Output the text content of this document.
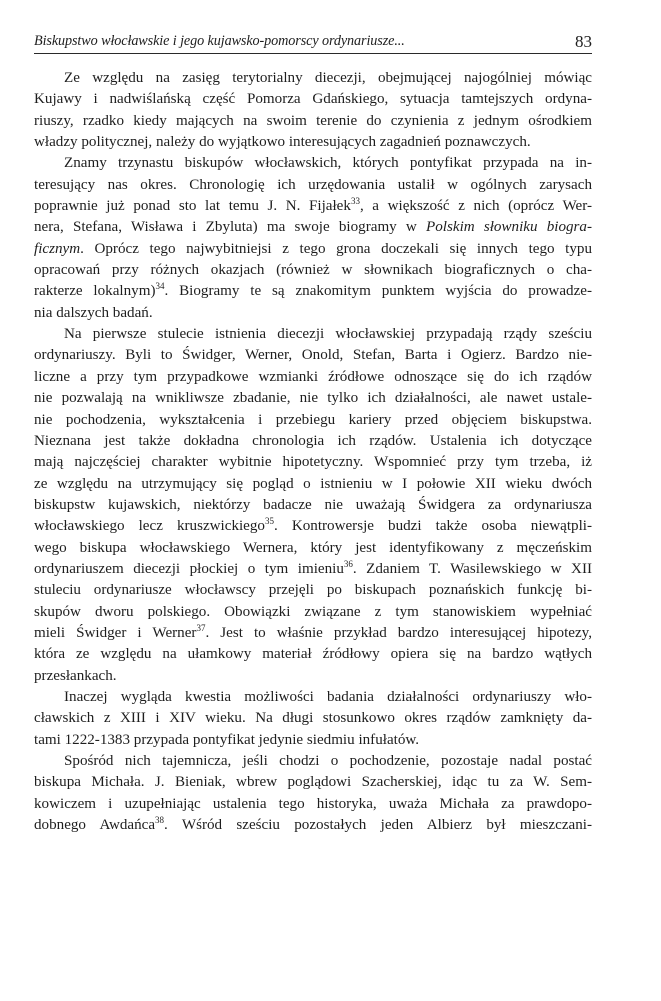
Biskupstwo włocławskie i jego kujawsko-pomorscy ordynariusze...	83

Ze względu na zasięg terytorialny diecezji, obejmującej najogólniej mówiąc
Kujawy i nadwiślańską część Pomorza Gdańskiego, sytuacja tamtejszych ordyna-
riuszy, rzadko kiedy mających na swoim terenie do czynienia z jednym ośrodkiem
władzy politycznej, należy do wyjątkowo interesujących zagadnień poznawczych.

Znamy trzynastu biskupów włocławskich, których pontyfikat przypada na in-
teresujący nas okres. Chronologię ich urzędowania ustalił w ogólnych zarysach
poprawnie już ponad sto lat temu J. N. Fijałek$^{33}$, a większość z nich (oprócz Wer-
nera, Stefana, Wisława i Zbyluta) ma swoje biogramy w Polskim słowniku biogra-
ficznym. Oprócz tego najwybitniejsi z tego grona doczekali się innych tego typu
opracowań przy różnych okazjach (również w słownikach biograficznych o cha-
rakterze lokalnym)$^{34}$. Biogramy te są znakomitym punktem wyjścia do prowadze-
nia dalszych badań.

Na pierwsze stulecie istnienia diecezji włocławskiej przypadają rządy sześciu
ordynariuszy. Byli to Świdger, Werner, Onold, Stefan, Barta i Ogierz. Bardzo nie-
liczne a przy tym przypadkowe wzmianki źródłowe odnoszące się do ich rządów
nie pozwalają na wnikliwsze zbadanie, nie tylko ich działalności, ale nawet ustale-
nie pochodzenia, wykształcenia i przebiegu kariery przed objęciem biskupstwa.
Nieznana jest także dokładna chronologia ich rządów. Ustalenia ich dotyczące
mają najczęściej charakter wybitnie hipotetyczny. Wspomnieć przy tym trzeba, iż
ze względu na utrzymujący się pogląd o istnieniu w I połowie XII wieku dwóch
biskupstw kujawskich, niektórzy badacze nie uważają Świdgera za ordynariusza
włocławskiego lecz kruszwickiego$^{35}$. Kontrowersje budzi także osoba niewątpli-
wego biskupa włocławskiego Wernera, który jest identyfikowany z męczeńskim
ordynariuszem diecezji płockiej o tym imieniu$^{36}$. Zdaniem T. Wasilewskiego w XII
stuleciu ordynariusze włocławscy przejęli po biskupach poznańskich funkcję bi-
skupów dworu polskiego. Obowiązki związane z tym stanowiskiem wypełniać
mieli Świdger i Werner$^{37}$. Jest to właśnie przykład bardzo interesującej hipotezy,
która ze względu na ułamkowy materiał źródłowy opiera się na bardzo wątłych
przesłankach.

Inaczej wygląda kwestia możliwości badania działalności ordynariuszy wło-
cławskich z XIII i XIV wieku. Na długi stosunkowo okres rządów zamknięty da-
tami 1222-1383 przypada pontyfikat jedynie siedmiu infułatów.

Spośród nich tajemnicza, jeśli chodzi o pochodzenie, pozostaje nadal postać
biskupa Michała. J. Bieniak, wbrew poglądowi Szacherskiej, idąc tu za W. Sem-
kowiczem i uzupełniając ustalenia tego historyka, uważa Michała za prawdopo-
dobnego Awdańca$^{38}$. Wśród sześciu pozostałych jeden Albierz był mieszczani-
